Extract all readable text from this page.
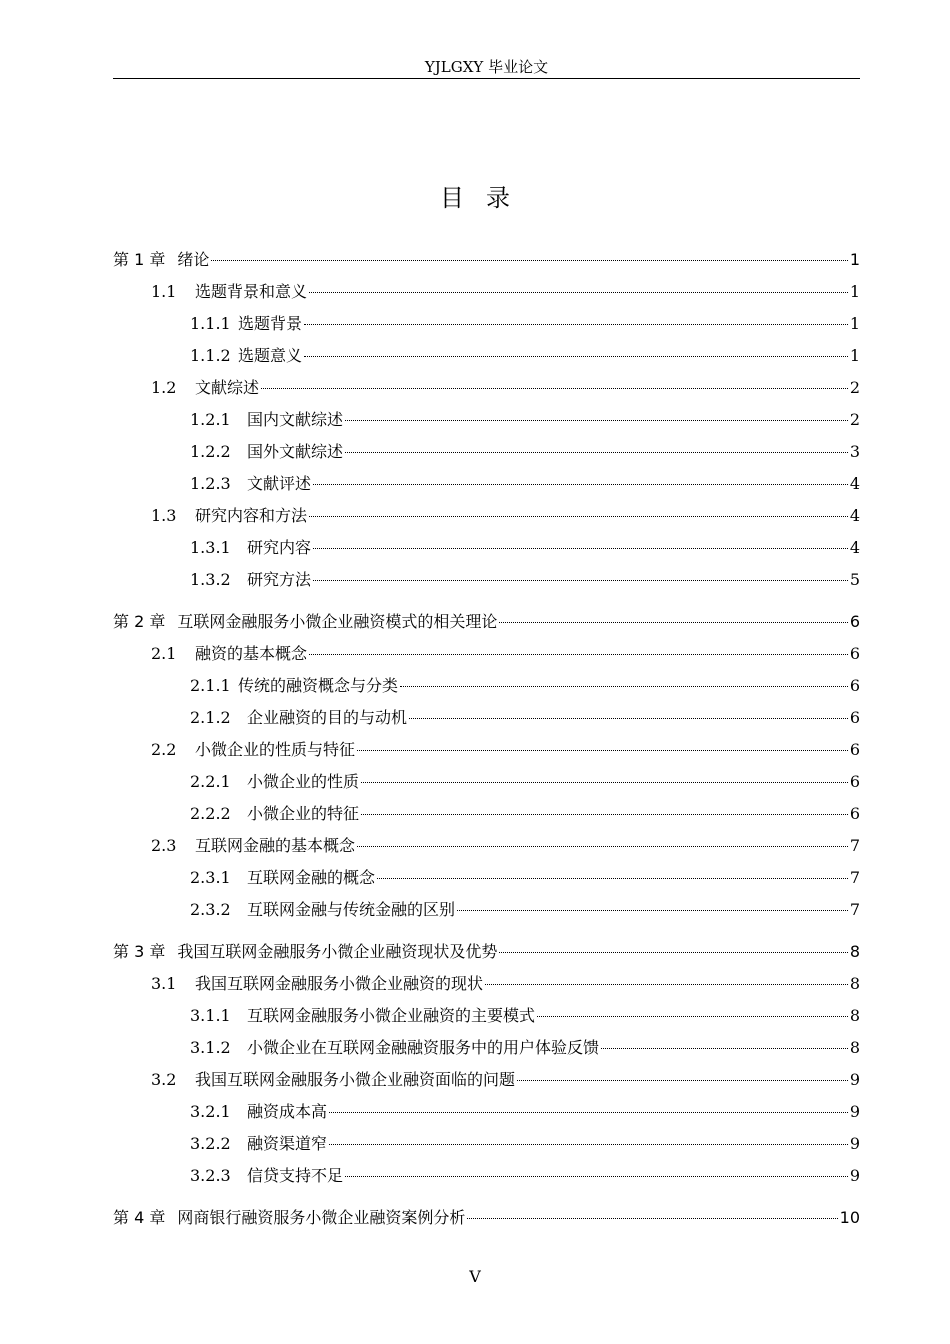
YJLGXY 毕业论文
目录
第 1 章 绪论	1
1.1 选题背景和意义	1
1.1.1 选题背景	1
1.1.2 选题意义	1
1.2 文献综述	2
1.2.1 国内文献综述	2
1.2.2 国外文献综述	3
1.2.3 文献评述	4
1.3 研究内容和方法	4
1.3.1 研究内容	4
1.3.2 研究方法	5
第 2 章 互联网金融服务小微企业融资模式的相关理论	6
2.1 融资的基本概念	6
2.1.1 传统的融资概念与分类	6
2.1.2 企业融资的目的与动机	6
2.2 小微企业的性质与特征	6
2.2.1 小微企业的性质	6
2.2.2 小微企业的特征	6
2.3 互联网金融的基本概念	7
2.3.1 互联网金融的概念	7
2.3.2 互联网金融与传统金融的区别	7
第 3 章 我国互联网金融服务小微企业融资现状及优势	8
3.1 我国互联网金融服务小微企业融资的现状	8
3.1.1 互联网金融服务小微企业融资的主要模式	8
3.1.2 小微企业在互联网金融融资服务中的用户体验反馈	8
3.2 我国互联网金融服务小微企业融资面临的问题	9
3.2.1 融资成本高	9
3.2.2 融资渠道窄	9
3.2.3 信贷支持不足	9
第 4 章 网商银行融资服务小微企业融资案例分析	10
V
